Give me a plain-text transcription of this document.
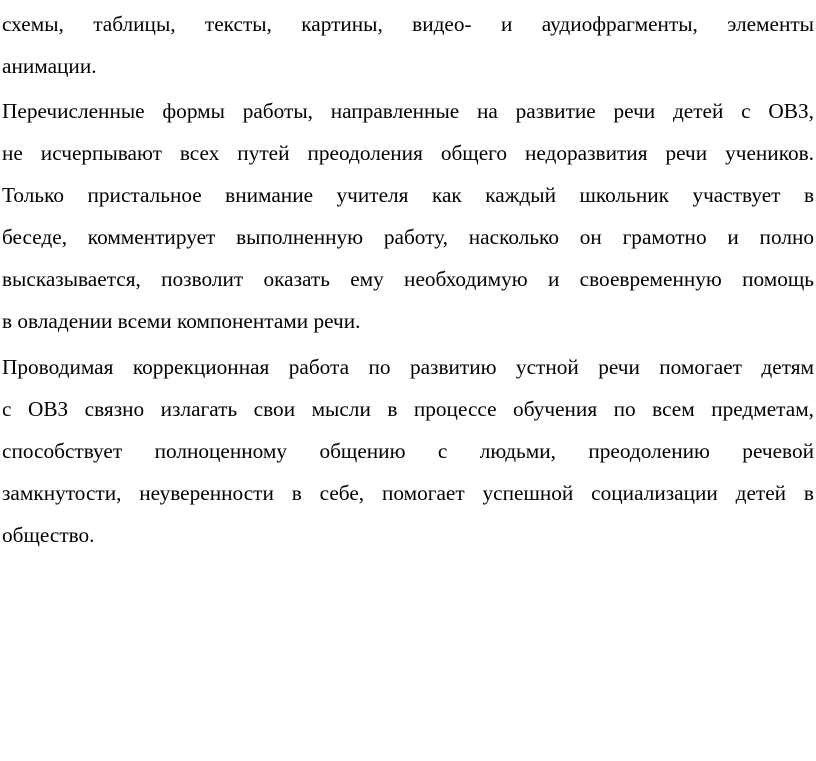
схемы, таблицы, тексты, картины, видео- и аудиофрагменты, элементы
анимации.
Перечисленные формы работы, направленные на развитие речи детей с ОВЗ,
не исчерпывают всех путей преодоления общего недоразвития речи учеников.
Только пристальное внимание учителя как каждый школьник участвует в
беседе, комментирует выполненную работу, насколько он грамотно и полно
высказывается, позволит оказать ему необходимую и своевременную помощь
в овладении всеми компонентами речи.
Проводимая коррекционная работа по развитию устной речи помогает детям
с ОВЗ связно излагать свои мысли в процессе обучения по всем предметам,
способствует полноценному общению с людьми, преодолению речевой
замкнутости, неуверенности в себе, помогает успешной социализации детей в
общество.
